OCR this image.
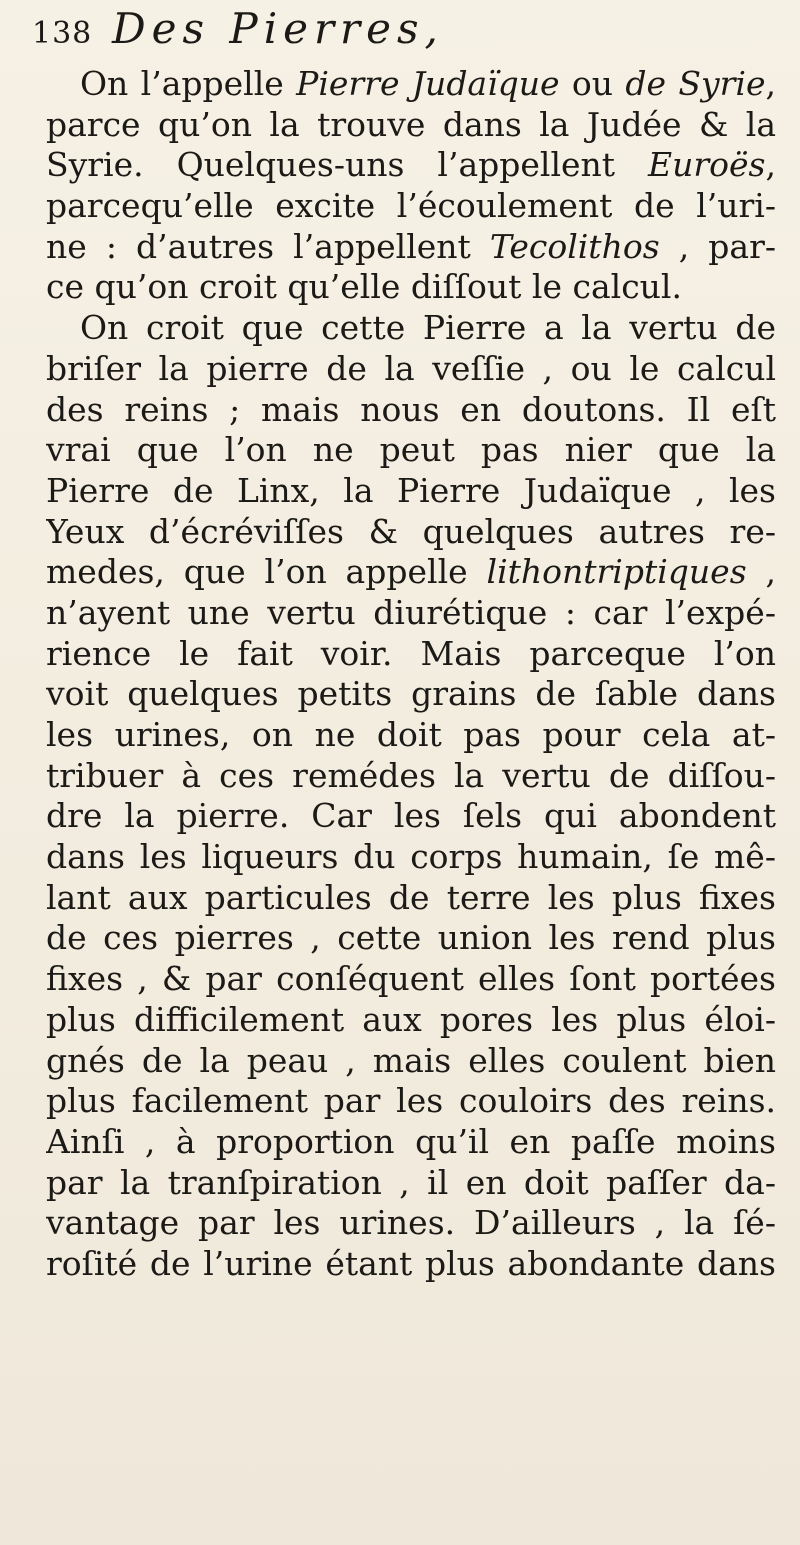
138 Des Pierres,
On l’appelle Pierre Judaïque ou de Syrie,
parce qu’on la trouve dans la Judée & la
Syrie. Quelques-uns l’appellent Euroës,
parcequ’elle excite l’écoulement de l’uri-
ne : d’autres l’appellent Tecolithos , par-
ce qu’on croit qu’elle diſſout le calcul.
On croit que cette Pierre a la vertu de
briſer la pierre de la veſſie , ou le calcul
des reins ; mais nous en doutons. Il eſt
vrai que l’on ne peut pas nier que la
Pierre de Linx, la Pierre Judaïque , les
Yeux d’écréviſſes & quelques autres re-
medes, que l’on appelle lithontriptiques ,
n’ayent une vertu diurétique : car l’expé-
rience le fait voir. Mais parceque l’on
voit quelques petits grains de ſable dans
les urines, on ne doit pas pour cela at-
tribuer à ces remédes la vertu de diſſou-
dre la pierre. Car les ſels qui abondent
dans les liqueurs du corps humain, ſe mê-
lant aux particules de terre les plus fixes
de ces pierres , cette union les rend plus
fixes , & par conſéquent elles ſont portées
plus difficilement aux pores les plus éloi-
gnés de la peau , mais elles coulent bien
plus facilement par les couloirs des reins.
Ainſi , à proportion qu’il en paſſe moins
par la tranſpiration , il en doit paſſer da-
vantage par les urines. D’ailleurs , la ſé-
roſité de l’urine étant plus abondante dans
